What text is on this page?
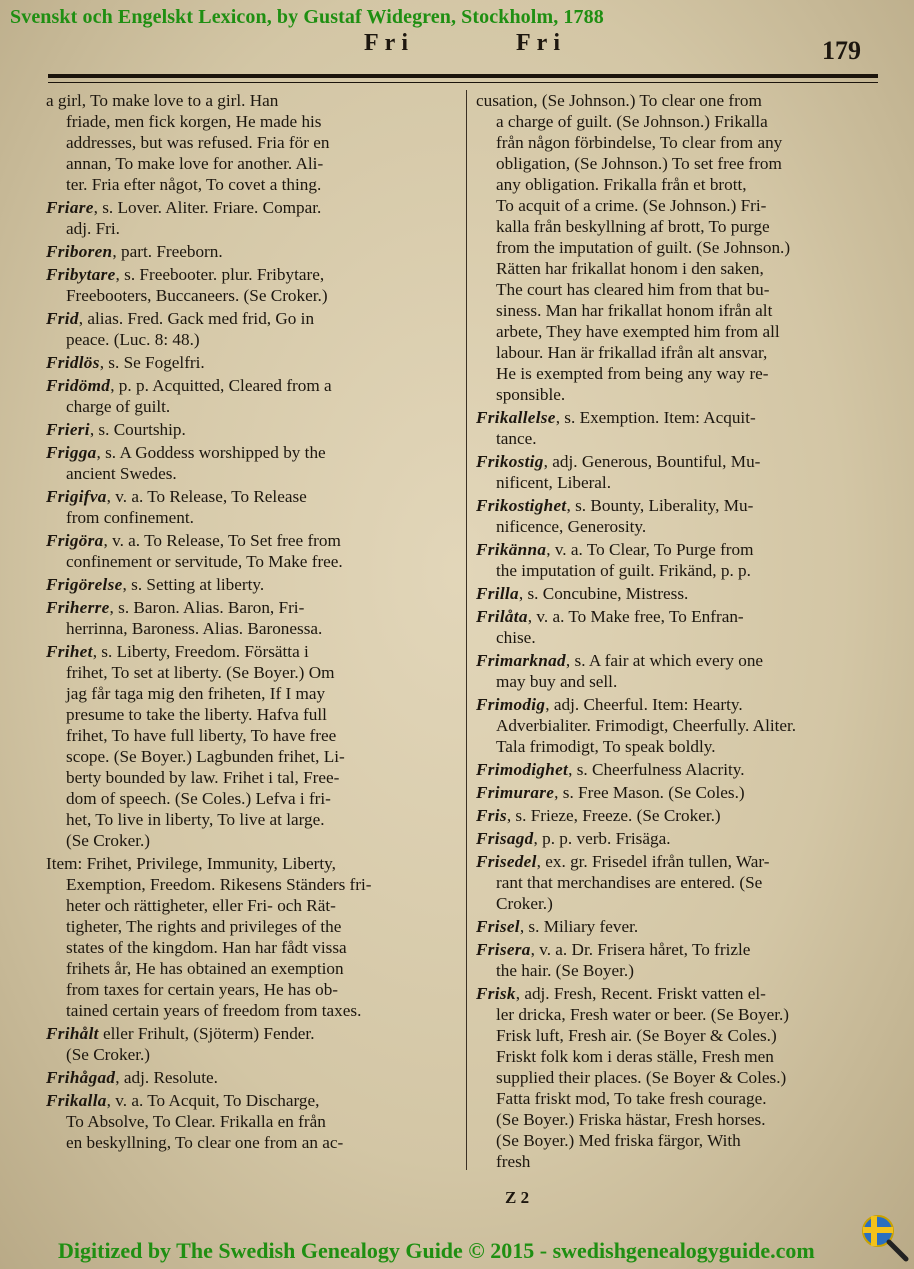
Svenskt och Engelskt Lexicon, by Gustaf Widegren, Stockholm, 1788
Fri	Fri	179
a girl, To make love to a girl. Han
friade, men fick korgen, He made his
addresses, but was refused. Fria för en
annan, To make love for another. Ali-
ter. Fria efter något, To covet a thing.
Friare, s. Lover. Aliter. Friare. Compar.
adj. Fri.
Friboren, part. Freeborn.
Fribytare, s. Freebooter. plur. Fribytare,
Freebooters, Buccaneers. (Se Croker.)
Frid, alias. Fred. Gack med frid, Go in
peace. (Luc. 8: 48.)
Fridlös, s. Se Fogelfri.
Fridömd, p. p. Acquitted, Cleared from a
charge of guilt.
Frieri, s. Courtship.
Frigga, s. A Goddess worshipped by the
ancient Swedes.
Frigifva, v. a. To Release, To Release
from confinement.
Frigöra, v. a. To Release, To Set free from
confinement or servitude, To Make free.
Frigörelse, s. Setting at liberty.
Friherre, s. Baron. Alias. Baron, Fri-
herrinna, Baroness. Alias. Baronessa.
Frihet, s. Liberty, Freedom. Försätta i
frihet, To set at liberty. (Se Boyer.) Om
jag får taga mig den friheten, If I may
presume to take the liberty. Hafva full
frihet, To have full liberty, To have free
scope. (Se Boyer.) Lagbunden frihet, Li-
berty bounded by law. Frihet i tal, Free-
dom of speech. (Se Coles.) Lefva i fri-
het, To live in liberty, To live at large.
(Se Croker.)
Item: Frihet, Privilege, Immunity, Liberty,
Exemption, Freedom. Rikesens Ständers fri-
heter och rättigheter, eller Fri- och Rät-
tigheter, The rights and privileges of the
states of the kingdom. Han har fådt vissa
frihets år, He has obtained an exemption
from taxes for certain years, He has ob-
tained certain years of freedom from taxes.
Frihålt eller Frihult, (Sjöterm) Fender.
(Se Croker.)
Frihågad, adj. Resolute.
Frikalla, v. a. To Acquit, To Discharge,
To Absolve, To Clear. Frikalla en från
en beskyllning, To clear one from an ac-
cusation, (Se Johnson.) To clear one from
a charge of guilt. (Se Johnson.) Frikalla
från någon förbindelse, To clear from any
obligation, (Se Johnson.) To set free from
any obligation. Frikalla från et brott,
To acquit of a crime. (Se Johnson.) Fri-
kalla från beskyllning af brott, To purge
from the imputation of guilt. (Se Johnson.)
Rätten har frikallat honom i den saken,
The court has cleared him from that bu-
siness. Man har frikallat honom ifrån alt
arbete, They have exempted him from all
labour. Han är frikallad ifrån alt ansvar,
He is exempted from being any way re-
sponsible.
Frikallelse, s. Exemption. Item: Acquit-
tance.
Frikostig, adj. Generous, Bountiful, Mu-
nificent, Liberal.
Frikostighet, s. Bounty, Liberality, Mu-
nificence, Generosity.
Frikänna, v. a. To Clear, To Purge from
the imputation of guilt. Frikänd, p. p.
Frilla, s. Concubine, Mistress.
Frilåta, v. a. To Make free, To Enfran-
chise.
Frimarknad, s. A fair at which every one
may buy and sell.
Frimodig, adj. Cheerful. Item: Hearty.
Adverbialiter. Frimodigt, Cheerfully. Aliter.
Tala frimodigt, To speak boldly.
Frimodighet, s. Cheerfulness Alacrity.
Frimurare, s. Free Mason. (Se Coles.)
Fris, s. Frieze, Freeze. (Se Croker.)
Frisagd, p. p. verb. Frisäga.
Frisedel, ex. gr. Frisedel ifrån tullen, War-
rant that merchandises are entered. (Se
Croker.)
Frisel, s. Miliary fever.
Frisera, v. a. Dr. Frisera håret, To frizle
the hair. (Se Boyer.)
Frisk, adj. Fresh, Recent. Friskt vatten el-
ler dricka, Fresh water or beer. (Se Boyer.)
Frisk luft, Fresh air. (Se Boyer & Coles.)
Friskt folk kom i deras ställe, Fresh men
supplied their places. (Se Boyer & Coles.)
Fatta friskt mod, To take fresh courage.
(Se Boyer.) Friska hästar, Fresh horses.
(Se Boyer.) Med friska färgor, With
fresh
Z 2
Digitized by The Swedish Genealogy Guide © 2015 - swedishgenealogyguide.com
